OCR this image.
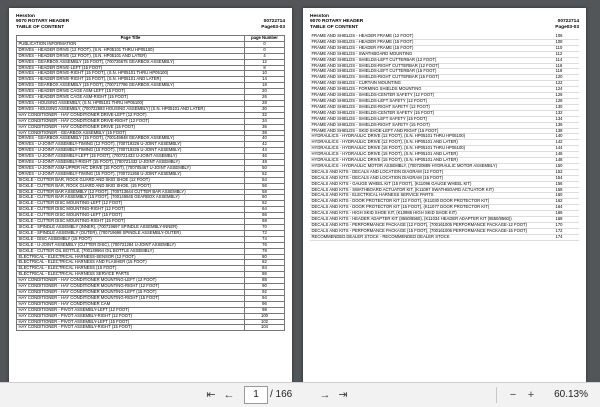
Hesston
9070 ROTARY HEADER
TABLE OF CONTENT
00722714
Page03-03
Page Title	page Number
PUBLICATION INFORMATION	0
DRIVES - HEADER DRIVE (12 FOOT), (S.N. HP05101 THRU HP05100)	0
DRIVES - HEADER DRIVE (12 FOOT), (S.N. HP05101 AND LATER)	4
DRIVES - GEARBOX ASSEMBLY (15 FOOT), (700726675 GEARBOX ASSEMBLY)	12
DRIVES - HEADER DRIVE-LEFT (15 FOOT)	8
DRIVES - HEADER DRIVE-RIGHT (15 FOOT), (S.N. HP05101 THRU HP05100)	10
DRIVES - HEADER DRIVE-RIGHT (15 FOOT), (S.N. HP05101 AND LATER)	14
DRIVES - GEARBOX ASSEMBLY (15 FOOT), (700717786 GEARBOX ASSEMBLY)	18
DRIVES - HEADER DRIVE CAGE ASM-LEFT (15 FOOT)	20
DRIVES - HEADER DRIVE CAGE ASM-RIGHT (15 FOOT)	26
DRIVES - HOUSING ASSEMBLY, (S.N. HP05101 THRU HP05100)	28
DRIVES - HOUSING ASSEMBLY, (700722693 HOUSING ASSEMBLY) (S.N. HP05101 AND LATER)	30
HAY CONDITIONER - HAY CONDITIONER DRIVE-LEFT (12 FOOT)	32
HAY CONDITIONER - HAY CONDITIONER DRIVE-RIGHT (12 FOOT)	34
HAY CONDITIONER - HAY CONDITIONER DRIVE (15 FOOT)	36
HAY CONDITIONER - GEARBOX ASSEMBLY (15 FOOT)	38
DRIVES - GEARBOX ASSEMBLY (15 FOOT), (700149848 GEARBOX ASSEMBLY)	40
DRIVES - U-JOINT ASSEMBLY-TIMING (12 FOOT), (700719226 U-JOINT ASSEMBLY)	42
DRIVES - U-JOINT ASSEMBLY-TIMING (15 FOOT), (700719226 U-JOINT ASSEMBLY)	44
DRIVES - U-JOINT ASSEMBLY-LEFT (15 FOOT), (700721433 U-JOINT ASSEMBLY)	46
DRIVES - U-JOINT ASSEMBLY-RIGHT (15 FOOT), (700721432 U-JOINT ASSEMBLY)	48
DRIVES - U-JOINT ASM-UPPER H/C DRIVE (15 FOOT), (700705467 U-JOINT ASSEMBLY)	50
DRIVES - U-JOINT ASSEMBLY-TIMING (15 FOOT), (700721266 U-JOINT ASSEMBLY)	52
SICKLE - CUTTER BAR, ROCK GUARD AND SKID SHOE (12 FOOT)	54
SICKLE - CUTTER BAR, ROCK GUARD AND SKID SHOE, (15 FOOT)	56
SICKLE - CUTTER BAR ASSEMBLY (12 FOOT), (700713644 CUTTER BAR ASSEMBLY)	58
SICKLE - CUTTER BAR ASSEMBLY (15 FOOT), (700149845 GEARBOX ASSEMBLY)	60
SICKLE - CUTTER DISC MOUNTING-LEFT (12 FOOT)	62
SICKLE - CUTTER DISC MOUNTING-RIGHT (12 FOOT)	64
SICKLE - CUTTER DISC MOUNTING-LEFT (15 FOOT)	66
SICKLE - CUTTER DISC MOUNTING-RIGHT (15 FOOT)	68
SICKLE - SPINDLE ASSEMBLY (INNER), (700719697 SPINDLE ASSEMBLY-INNER)	70
SICKLE - SPINDLE ASSEMBLY (OUTER), (700719698 SPINDLE ASSEMBLY-OUTER)	72
SICKLE - DISC ASSEMBLY (15 FOOT)	74
SICKLE - U-JOINT ASSEMBLY (CUTTER DISC), (700721284 U-JOINT ASSEMBLY)	76
SICKLE - CUTTER OIL BOTTLE, (700149964 OIL BOTTLE ASSEMBLY)	78
ELECTRICAL - ELECTRICAL HARNESS-SENSOR (12 FOOT)	80
ELECTRICAL - ELECTRICAL HARNESS AND FLASHER (15 FOOT)	82
ELECTRICAL - ELECTRICAL HARNESS (15 FOOT)	84
ELECTRICAL - ELECTRICAL HARNESS SERVICE PARTS	86
HAY CONDITIONER - HAY CONDITIONER MOUNTING-LEFT (12 FOOT)	88
HAY CONDITIONER - HAY CONDITIONER MOUNTING-RIGHT (12 FOOT)	90
HAY CONDITIONER - HAY CONDITIONER MOUNTING-LEFT (15 FOOT)	92
HAY CONDITIONER - HAY CONDITIONER MOUNTING-RIGHT (15 FOOT)	94
HAY CONDITIONER - HAY CONDITIONER CAM	96
HAY CONDITIONER - PIVOT ASSEMBLY-LEFT (12 FOOT)	98
HAY CONDITIONER - PIVOT ASSEMBLY-RIGHT (12 FOOT)	100
HAY CONDITIONER - PIVOT ASSEMBLY-LEFT (15 FOOT)	102
HAY CONDITIONER - PIVOT ASSEMBLY-RIGHT (15 FOOT)	104
Hesston
9070 ROTARY HEADER
TABLE OF CONTENT
00722714
Page03-03
FRAME AND SHIELDS - HEADER FRAME (12 FOOT)	106
FRAME AND SHIELDS - HEADER FRAME (15 FOOT)	108
FRAME AND SHIELDS - HEADER FRAME (15 FOOT)	110
FRAME AND SHIELDS - SWATHBOARD MOUNTING	112
FRAME AND SHIELDS - SHIELDS-LEFT CUTTERBAR (12 FOOT)	114
FRAME AND SHIELDS - SHIELDS-RIGHT CUTTERBAR (12 FOOT)	116
FRAME AND SHIELDS - SHIELDS-LEFT CUTTERBAR (15 FOOT)	118
FRAME AND SHIELDS - SHIELDS-RIGHT CUTTERBAR (15 FOOT)	120
FRAME AND SHIELDS - CURTAIN MOUNTING	122
FRAME AND SHIELDS - FORMING SHIELDS MOUNTING	124
FRAME AND SHIELDS - SHIELDS-CENTER SAFETY (12 FOOT)	126
FRAME AND SHIELDS - SHIELDS-LEFT SAFETY (12 FOOT)	128
FRAME AND SHIELDS - SHIELDS-RIGHT SAFETY (12 FOOT)	130
FRAME AND SHIELDS - SHIELDS-CENTER SAFETY (15 FOOT)	132
FRAME AND SHIELDS - SHIELDS-LEFT SAFETY (15 FOOT)	134
FRAME AND SHIELDS - SHIELDS-RIGHT SAFETY (15 FOOT)	136
FRAME AND SHIELDS - SKID SHOE-LEFT AND RIGHT (15 FOOT)	138
HYDRAULICS - HYDRAULIC DRIVE (12 FOOT), (S.N. HP05101 THRU HP05100)	140
HYDRAULICS - HYDRAULIC DRIVE (12 FOOT), (S.N. HP05101 AND LATER)	142
HYDRAULICS - HYDRAULIC DRIVE (15 FOOT), (S.N. HP05101 THRU HP05100)	144
HYDRAULICS - HYDRAULIC DRIVE (15 FOOT), (S.N. HP05101 AND LATER)	146
HYDRAULICS - HYDRAULIC DRIVE (15 FOOT), (S.N. HP05101 AND LATER)	148
HYDRAULICS - HYDRAULIC MOTOR ASSEMBLY, (700720889 HYDRAULIC MOTOR ASSEMBLY)	150
DECALS AND KITS - DECALS AND LOCATION DIAGRAM (12 FOOT)	152
DECALS AND KITS - DECALS AND LOCATION DIAGRAM (15 FOOT)	154
DECALS AND KITS - GAUGE WHEEL KIT (15 FOOT), (K11096 GAUGE WHEEL KIT)	156
DECALS AND KITS - SWATHBOARD ACTUATOR KIT, (K11097 SWATHBOARD ACTUATOR KIT)	158
DECALS AND KITS - ELECTRICAL HARNESS SERVICE PARTS	160
DECALS AND KITS - DOOR PROTECTOR KIT (12 FOOT), (K11030 DOOR PROTECTOR KIT)	162
DECALS AND KITS - DOOR PROTECTOR KIT (15 FOOT), (K11077 DOOR PROTECTOR KIT)	164
DECALS AND KITS - HIGH SKID SHOE KIT, (K10985 HIGH SKID SHOE KIT)	166
DECALS AND KITS - HEADER ADAPTER KIT (8550/8560), (K11034 HEADER ADAPTER KIT (8550/8560))	168
DECALS AND KITS - PERFORMANCE PACKAGE (12 FOOT), (700161005 PERFORMANCE PACKAGE-12 FOOT)	170
DECALS AND KITS - PERFORMANCE PACKAGE (15 FOOT), (700161006 PERFORMANCE PACKAGE-15 FOOT)	172
RECOMMENDED DEALER STOCK - RECOMMENDED DEALER STOCK	174
⇤ ←	1	/ 166 → ⇥	−	+	60.13%
